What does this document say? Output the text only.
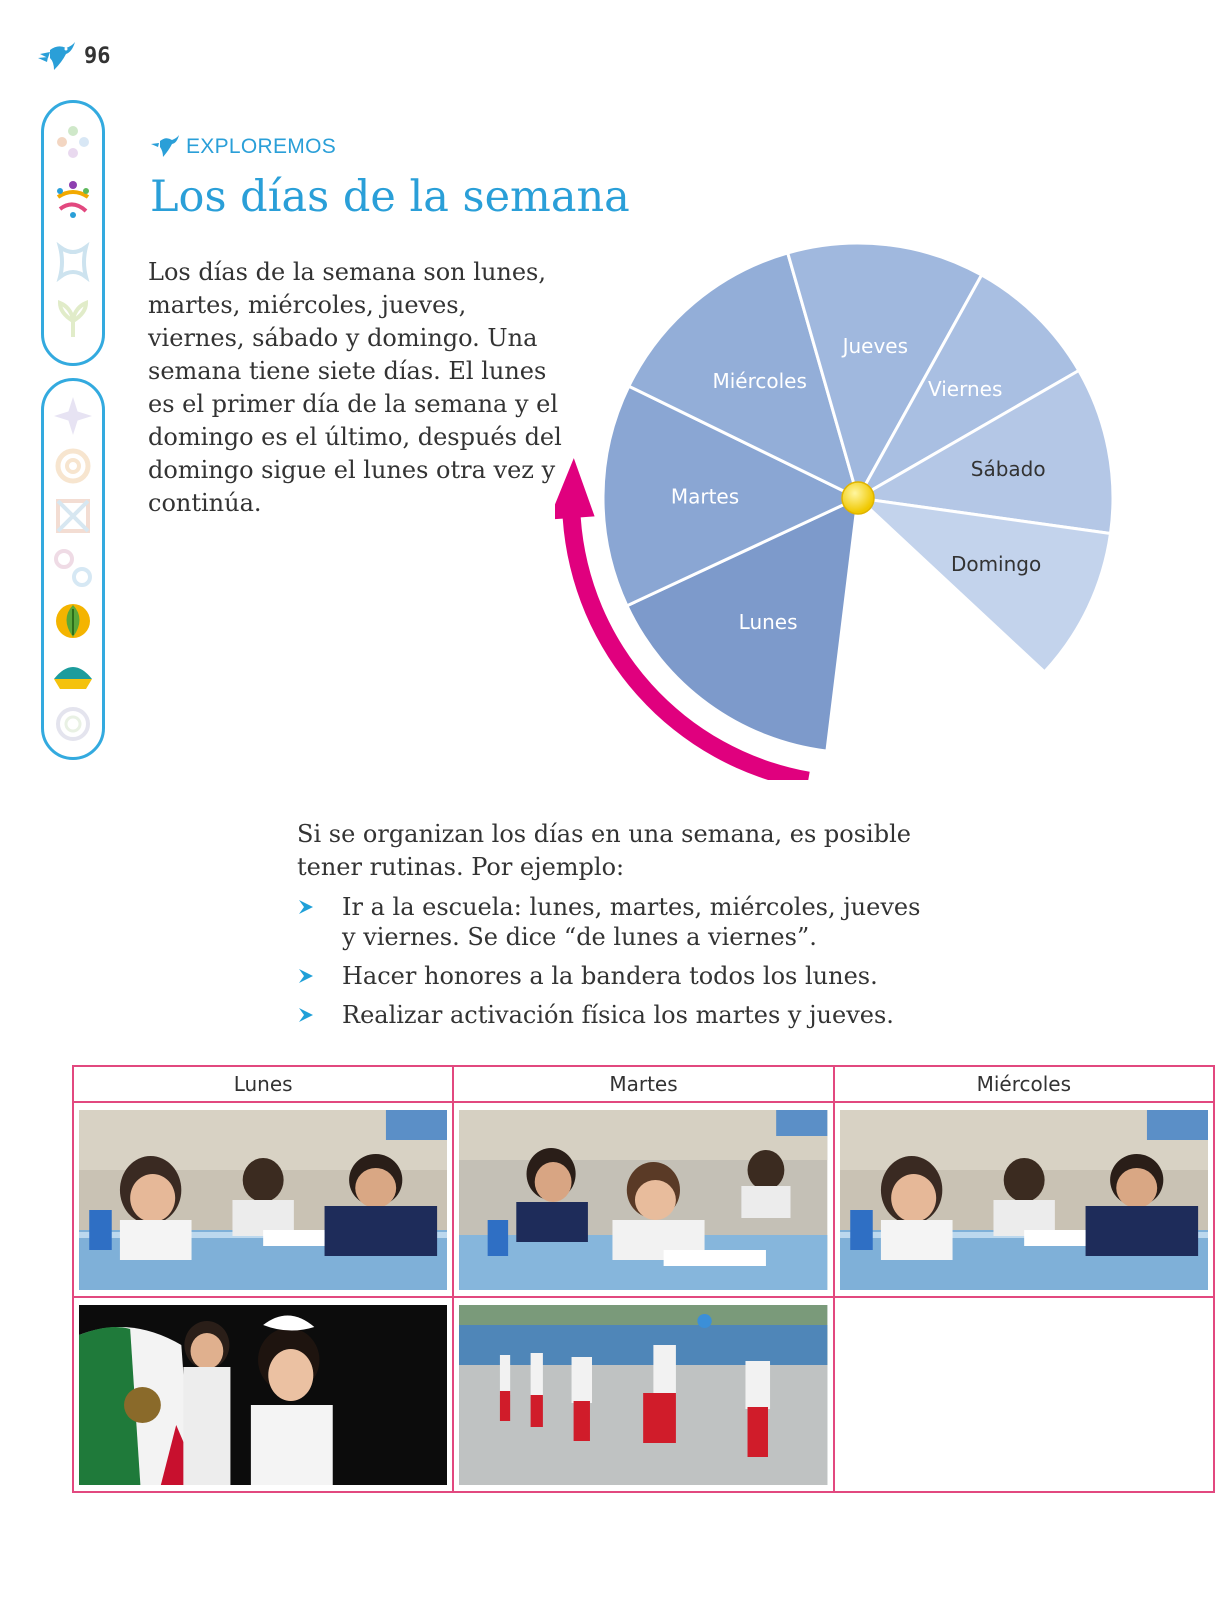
96
EXPLOREMOS
Los días de la semana

Los días de la semana son lunes, martes, miércoles, jueves, viernes, sábado y domingo. Una semana tiene siete días. El lunes es el primer día de la semana y el domingo es el último, después del domingo sigue el lunes otra vez y continúa.

Lunes
Martes
Miércoles
Jueves
Viernes
Sábado
Domingo

Si se organizan los días en una semana, es posible tener rutinas. Por ejemplo:

Ir a la escuela: lunes, martes, miércoles, jueves y viernes. Se dice “de lunes a viernes”.
Hacer honores a la bandera todos los lunes.
Realizar activación física los martes y jueves.
Lunes	Martes	Miércoles
